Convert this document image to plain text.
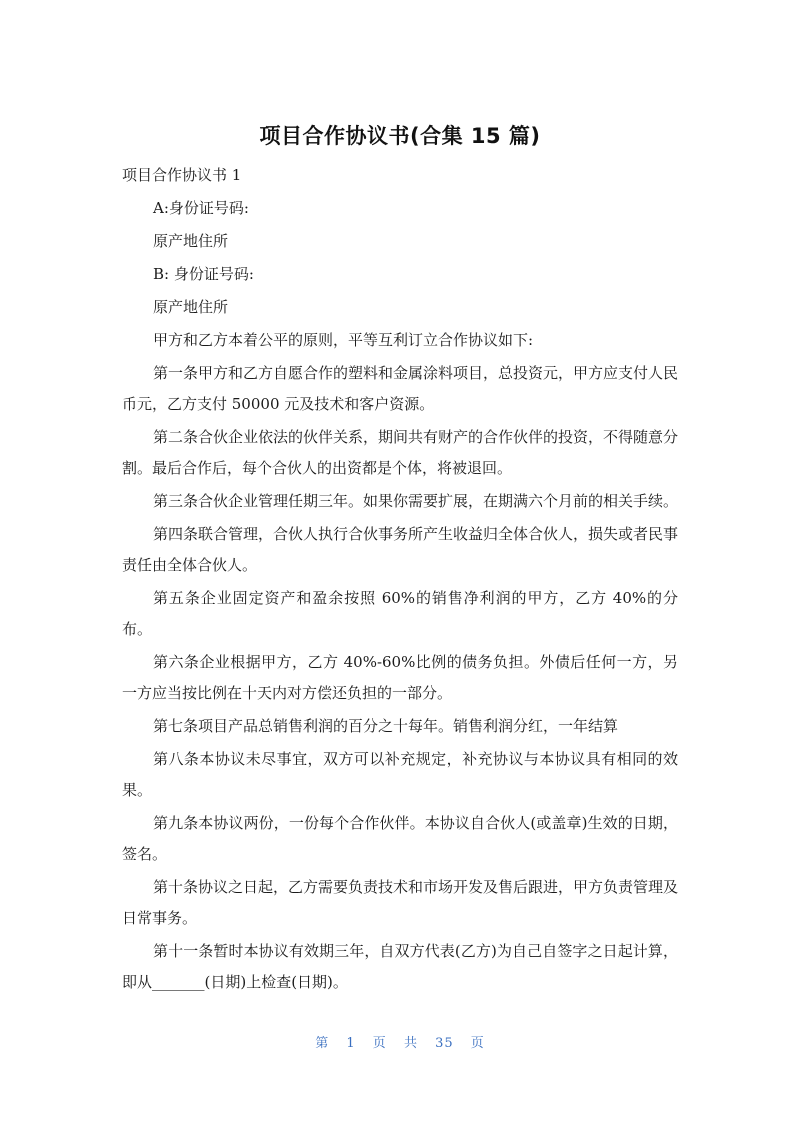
项目合作协议书(合集 15 篇)

项目合作协议书 1

A:身份证号码:

原产地住所

B: 身份证号码:

原产地住所

甲方和乙方本着公平的原则，平等互利订立合作协议如下:

第一条甲方和乙方自愿合作的塑料和金属涂料项目，总投资元，甲方应支付人民币元，乙方支付 50000 元及技术和客户资源。

第二条合伙企业依法的伙伴关系，期间共有财产的合作伙伴的投资，不得随意分割。最后合作后，每个合伙人的出资都是个体，将被退回。

第三条合伙企业管理任期三年。如果你需要扩展，在期满六个月前的相关手续。

第四条联合管理，合伙人执行合伙事务所产生收益归全体合伙人，损失或者民事责任由全体合伙人。

第五条企业固定资产和盈余按照 60%的销售净利润的甲方，乙方 40%的分布。

第六条企业根据甲方，乙方 40%-60%比例的债务负担。外债后任何一方，另一方应当按比例在十天内对方偿还负担的一部分。

第七条项目产品总销售利润的百分之十每年。销售利润分红，一年结算

第八条本协议未尽事宜，双方可以补充规定，补充协议与本协议具有相同的效果。

第九条本协议两份，一份每个合作伙伴。本协议自合伙人(或盖章)生效的日期，签名。

第十条协议之日起，乙方需要负责技术和市场开发及售后跟进，甲方负责管理及日常事务。

第十一条暂时本协议有效期三年，自双方代表(乙方)为自己自签字之日起计算，即从_______(日期)上检查(日期)。

第 1 页 共 35 页
